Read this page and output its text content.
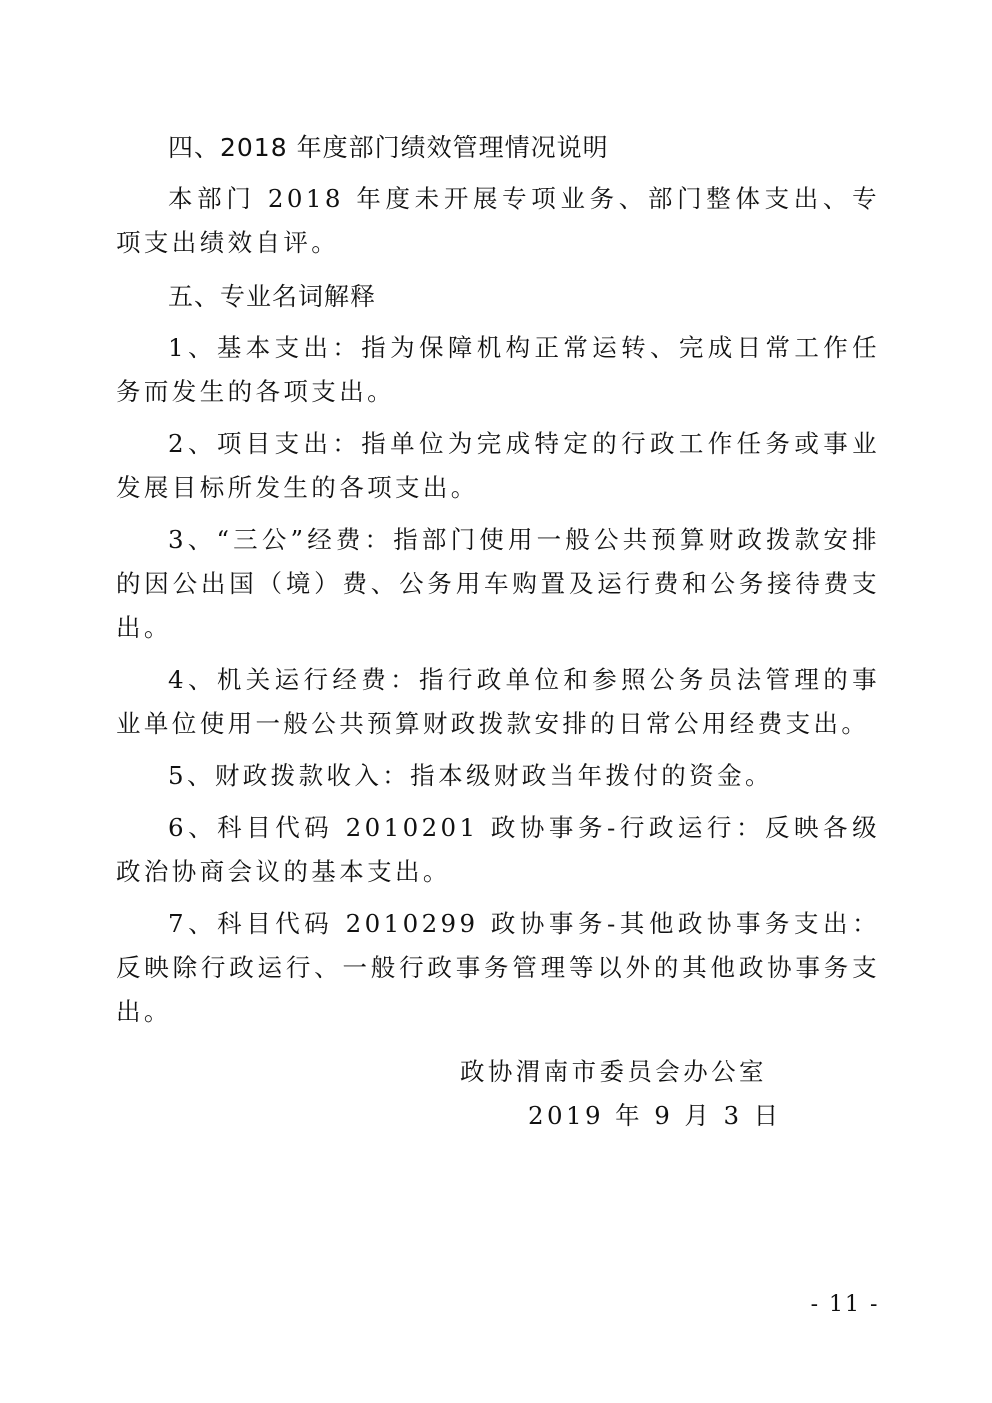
四、2018 年度部门绩效管理情况说明

本部门 2018 年度未开展专项业务、部门整体支出、专项支出绩效自评。

五、专业名词解释

1、基本支出：指为保障机构正常运转、完成日常工作任务而发生的各项支出。

2、项目支出：指单位为完成特定的行政工作任务或事业发展目标所发生的各项支出。

3、“三公”经费：指部门使用一般公共预算财政拨款安排的因公出国（境）费、公务用车购置及运行费和公务接待费支出。

4、机关运行经费：指行政单位和参照公务员法管理的事业单位使用一般公共预算财政拨款安排的日常公用经费支出。

5、财政拨款收入：指本级财政当年拨付的资金。

6、科目代码 2010201 政协事务-行政运行：反映各级政治协商会议的基本支出。

7、科目代码 2010299 政协事务-其他政协事务支出：反映除行政运行、一般行政事务管理等以外的其他政协事务支出。

政协渭南市委员会办公室
2019 年 9 月 3 日
- 11 -
